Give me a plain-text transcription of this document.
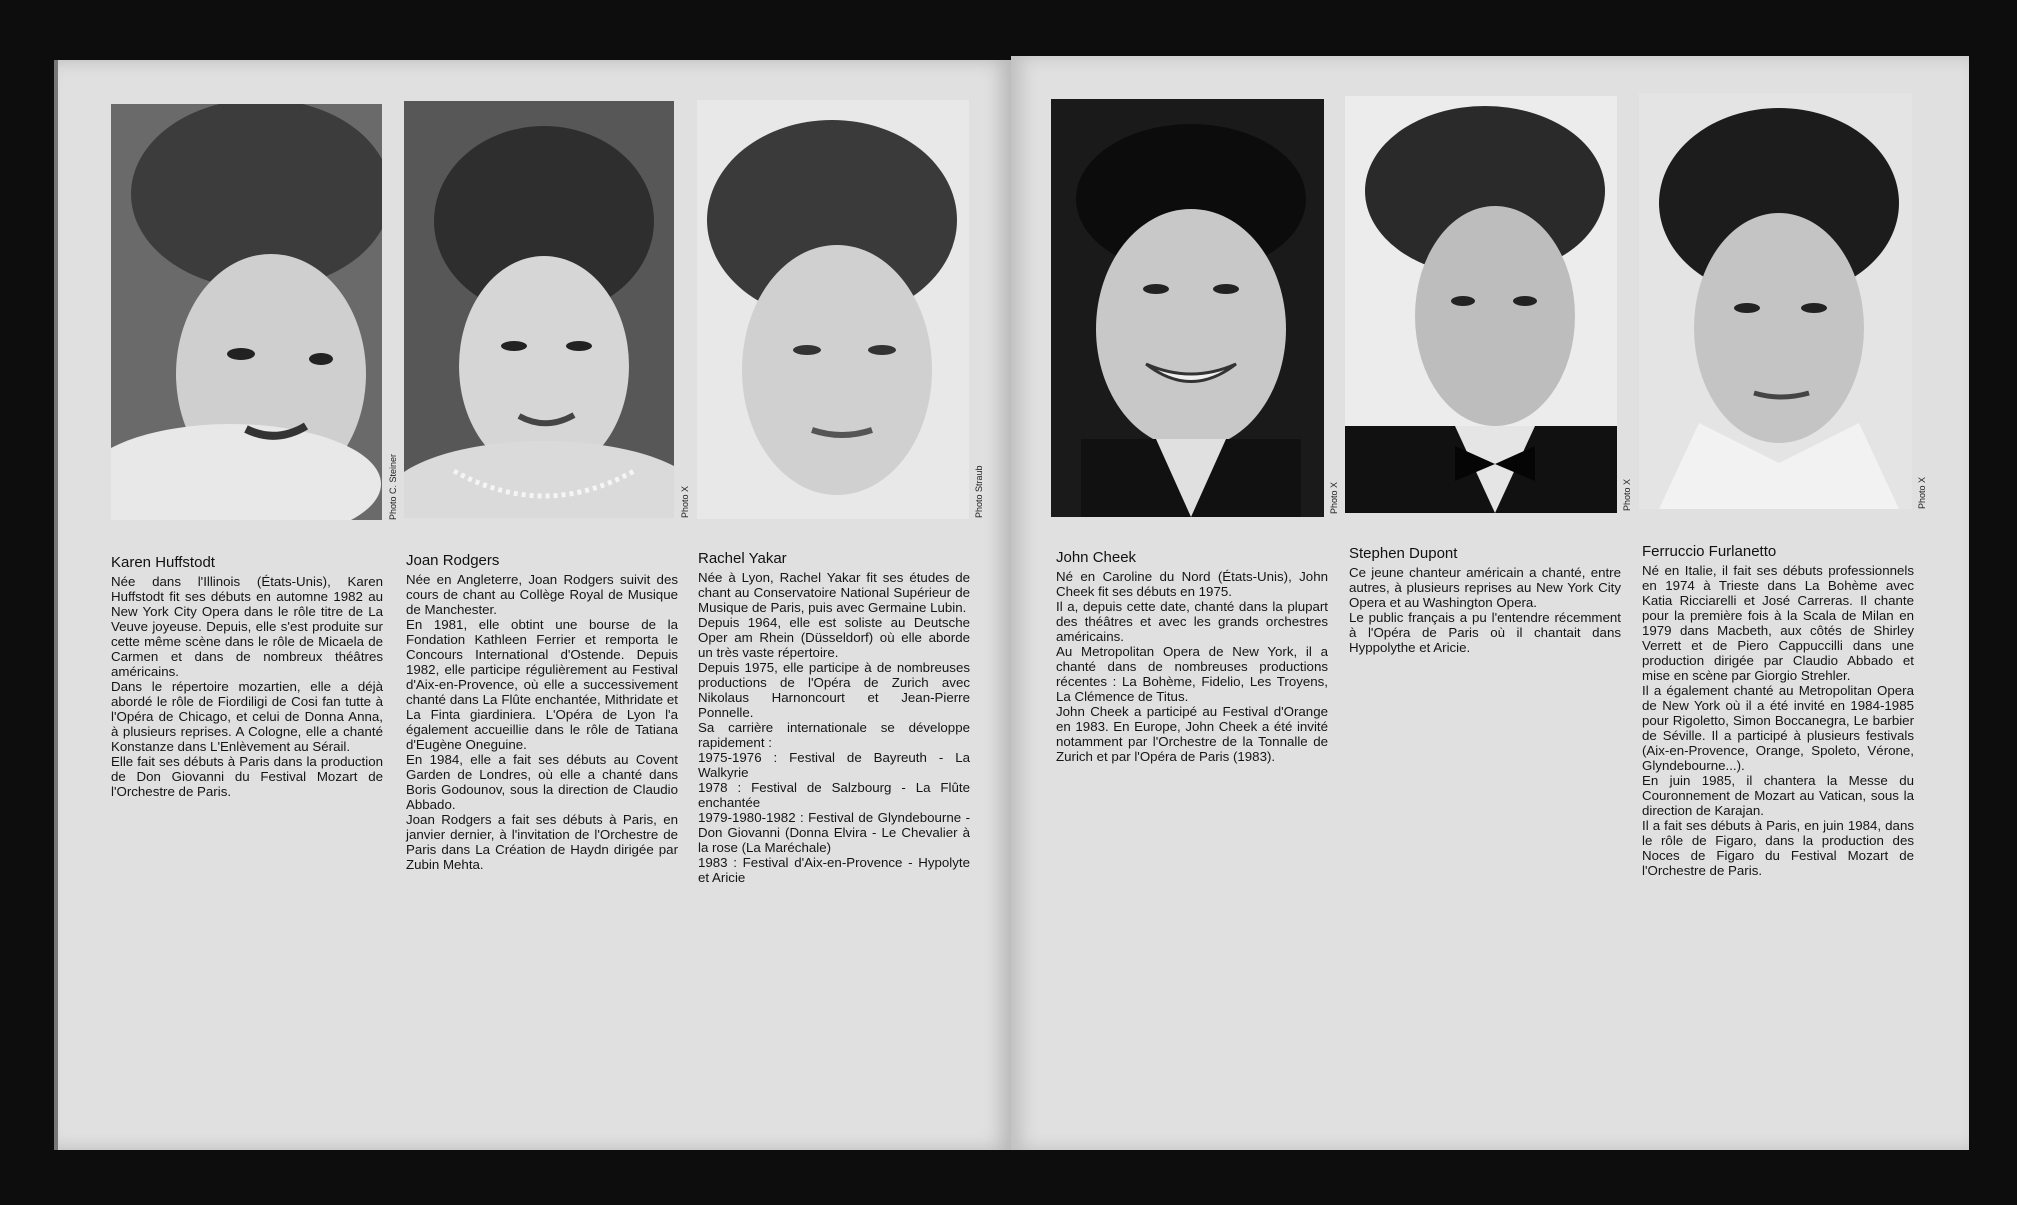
Photo C. Steiner	Photo X	Photo Straub	Photo X	Photo X	Photo X
Karen Huffstodt	Joan Rodgers	Rachel Yakar	John Cheek	Stephen Dupont	Ferruccio Furlanetto

Née dans l'Illinois (États-Unis), Karen Huffstodt fit ses débuts en automne 1982 au New York City Opera dans le rôle titre de La Veuve joyeuse. Depuis, elle s'est produite sur cette même scène dans le rôle de Micaela de Carmen et dans de nombreux théâtres américains.

Dans le répertoire mozartien, elle a déjà abordé le rôle de Fiordiligi de Cosi fan tutte à l'Opéra de Chicago, et celui de Donna Anna, à plusieurs reprises. A Cologne, elle a chanté Konstanze dans L'Enlèvement au Sérail.

Elle fait ses débuts à Paris dans la production de Don Giovanni du Festival Mozart de l'Orchestre de Paris.

Née en Angleterre, Joan Rodgers suivit des cours de chant au Collège Royal de Musique de Manchester.

En 1981, elle obtint une bourse de la Fondation Kathleen Ferrier et remporta le Concours International d'Ostende. Depuis 1982, elle participe régulièrement au Festival d'Aix-en-Provence, où elle a successivement chanté dans La Flûte enchantée, Mithridate et La Finta giardiniera. L'Opéra de Lyon l'a également accueillie dans le rôle de Tatiana d'Eugène Oneguine.

En 1984, elle a fait ses débuts au Covent Garden de Londres, où elle a chanté dans Boris Godounov, sous la direction de Claudio Abbado.

Joan Rodgers a fait ses débuts à Paris, en janvier dernier, à l'invitation de l'Orchestre de Paris dans La Création de Haydn dirigée par Zubin Mehta.

Née à Lyon, Rachel Yakar fit ses études de chant au Conservatoire National Supérieur de Musique de Paris, puis avec Germaine Lubin.

Depuis 1964, elle est soliste au Deutsche Oper am Rhein (Düsseldorf) où elle aborde un très vaste répertoire.

Depuis 1975, elle participe à de nombreuses productions de l'Opéra de Zurich avec Nikolaus Harnoncourt et Jean-Pierre Ponnelle.

Sa carrière internationale se développe rapidement :

1975-1976 : Festival de Bayreuth - La Walkyrie

1978 : Festival de Salzbourg - La Flûte enchantée

1979-1980-1982 : Festival de Glyndebourne - Don Giovanni (Donna Elvira - Le Chevalier à la rose (La Maréchale)

1983 : Festival d'Aix-en-Provence - Hypolyte et Aricie

Né en Caroline du Nord (États-Unis), John Cheek fit ses débuts en 1975.

Il a, depuis cette date, chanté dans la plupart des théâtres et avec les grands orchestres américains.

Au Metropolitan Opera de New York, il a chanté dans de nombreuses productions récentes : La Bohème, Fidelio, Les Troyens, La Clémence de Titus.

John Cheek a participé au Festival d'Orange en 1983. En Europe, John Cheek a été invité notamment par l'Orchestre de la Tonnalle de Zurich et par l'Opéra de Paris (1983).

Ce jeune chanteur américain a chanté, entre autres, à plusieurs reprises au New York City Opera et au Washington Opera.

Le public français a pu l'entendre récemment à l'Opéra de Paris où il chantait dans Hyppolythe et Aricie.

Né en Italie, il fait ses débuts professionnels en 1974 à Trieste dans La Bohème avec Katia Ricciarelli et José Carreras. Il chante pour la première fois à la Scala de Milan en 1979 dans Macbeth, aux côtés de Shirley Verrett et de Piero Cappuccilli dans une production dirigée par Claudio Abbado et mise en scène par Giorgio Strehler.

Il a également chanté au Metropolitan Opera de New York où il a été invité en 1984-1985 pour Rigoletto, Simon Boccanegra, Le barbier de Séville. Il a participé à plusieurs festivals (Aix-en-Provence, Orange, Spoleto, Vérone, Glyndebourne...).

En juin 1985, il chantera la Messe du Couronnement de Mozart au Vatican, sous la direction de Karajan.

Il a fait ses débuts à Paris, en juin 1984, dans le rôle de Figaro, dans la production des Noces de Figaro du Festival Mozart de l'Orchestre de Paris.
